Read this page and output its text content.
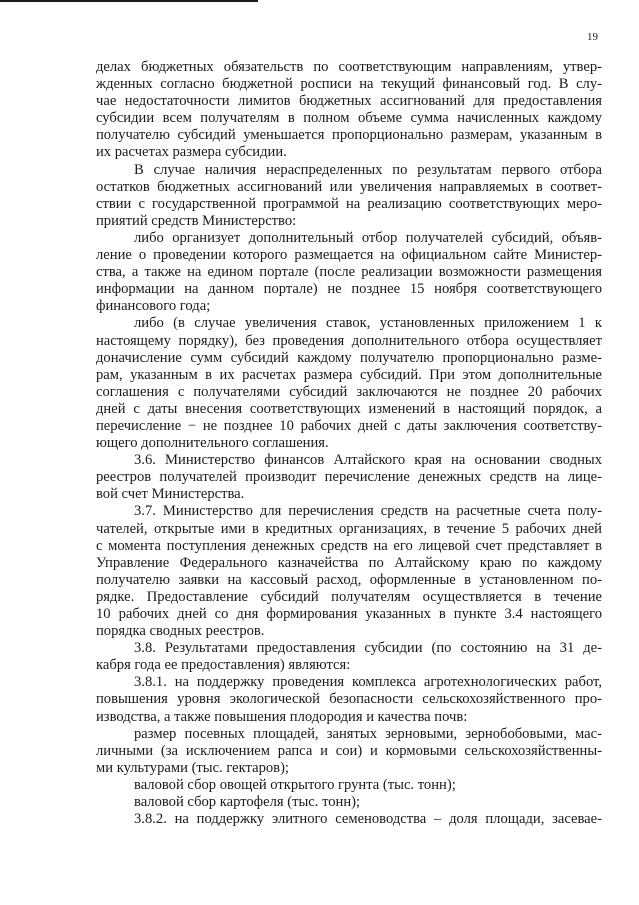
19
делах бюджетных обязательств по соответствующим направлениям, утвер-
жденных согласно бюджетной росписи на текущий финансовый год. В слу-
чае недостаточности лимитов бюджетных ассигнований для предоставления
субсидии всем получателям в полном объеме сумма начисленных каждому
получателю субсидий уменьшается пропорционально размерам, указанным в
их расчетах размера субсидии.
В случае наличия нераспределенных по результатам первого отбора
остатков бюджетных ассигнований или увеличения направляемых в соответ-
ствии с государственной программой на реализацию соответствующих меро-
приятий средств Министерство:
либо организует дополнительный отбор получателей субсидий, объяв-
ление о проведении которого размещается на официальном сайте Министер-
ства, а также на едином портале (после реализации возможности размещения
информации на данном портале) не позднее 15 ноября соответствующего
финансового года;
либо (в случае увеличения ставок, установленных приложением 1 к
настоящему порядку), без проведения дополнительного отбора осуществляет
доначисление сумм субсидий каждому получателю пропорционально разме-
рам, указанным в их расчетах размера субсидий. При этом дополнительные
соглашения с получателями субсидий заключаются не позднее 20 рабочих
дней с даты внесения соответствующих изменений в настоящий порядок, а
перечисление − не позднее 10 рабочих дней с даты заключения соответству-
ющего дополнительного соглашения.
3.6. Министерство финансов Алтайского края на основании сводных
реестров получателей производит перечисление денежных средств на лице-
вой счет Министерства.
3.7. Министерство для перечисления средств на расчетные счета полу-
чателей, открытые ими в кредитных организациях, в течение 5 рабочих дней
с момента поступления денежных средств на его лицевой счет представляет в
Управление Федерального казначейства по Алтайскому краю по каждому
получателю заявки на кассовый расход, оформленные в установленном по-
рядке. Предоставление субсидий получателям осуществляется в течение
10 рабочих дней со дня формирования указанных в пункте 3.4 настоящего
порядка сводных реестров.
3.8. Результатами предоставления субсидии (по состоянию на 31 де-
кабря года ее предоставления) являются:
3.8.1. на поддержку проведения комплекса агротехнологических работ,
повышения уровня экологической безопасности сельскохозяйственного про-
изводства, а также повышения плодородия и качества почв:
размер посевных площадей, занятых зерновыми, зернобобовыми, мас-
личными (за исключением рапса и сои) и кормовыми сельскохозяйственны-
ми культурами (тыс. гектаров);
валовой сбор овощей открытого грунта (тыс. тонн);
валовой сбор картофеля (тыс. тонн);
3.8.2. на поддержку элитного семеноводства – доля площади, засевае-
